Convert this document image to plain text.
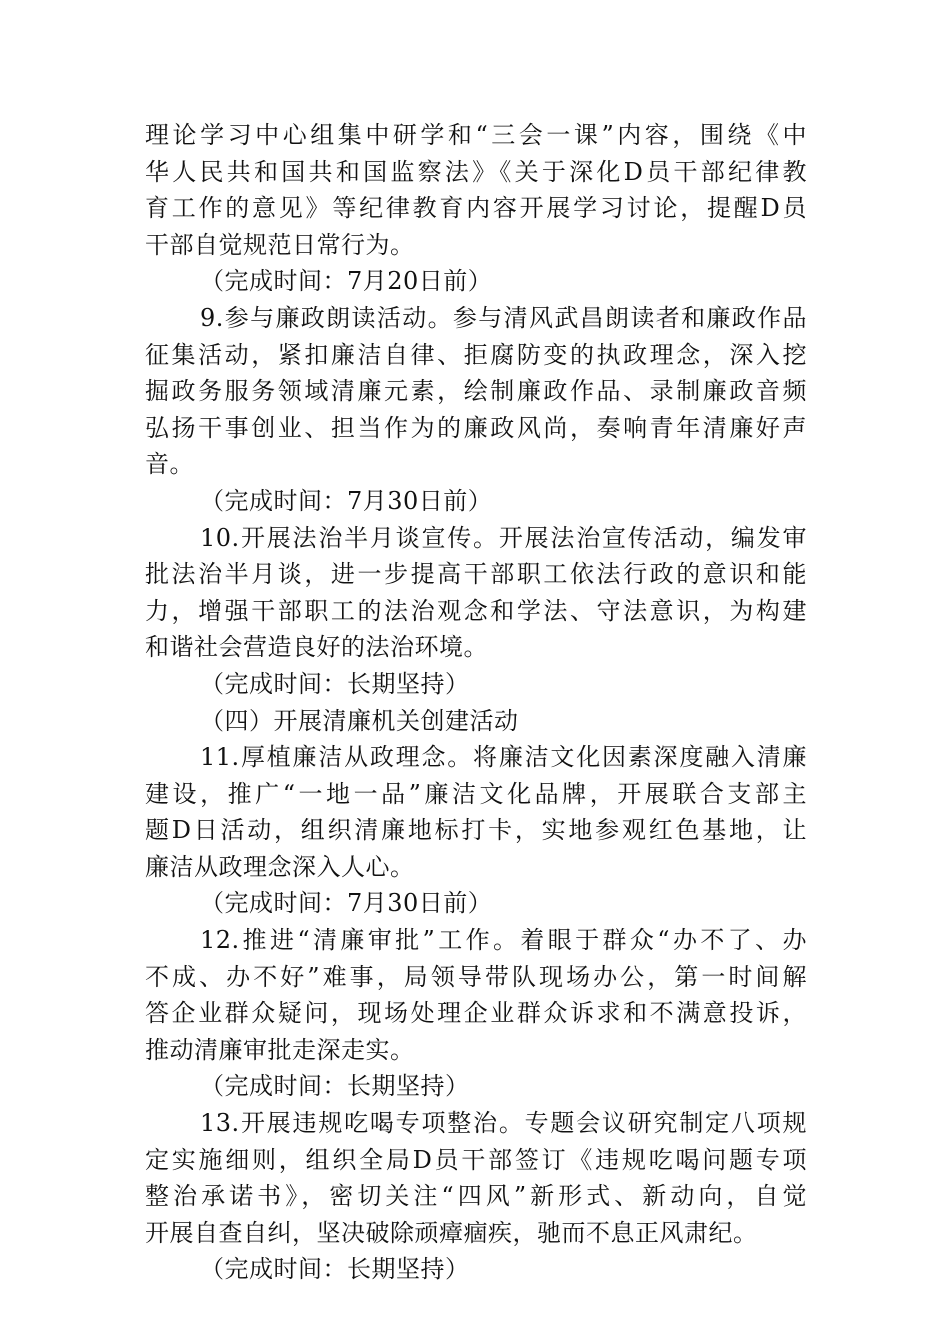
理论学习中心组集中研学和“三会一课”内容，围绕《中
华人民共和国共和国监察法》《关于深化D员干部纪律教
育工作的意见》等纪律教育内容开展学习讨论，提醒D员
干部自觉规范日常行为。
（完成时间：7月20日前）
9.参与廉政朗读活动。参与清风武昌朗读者和廉政作品
征集活动，紧扣廉洁自律、拒腐防变的执政理念，深入挖
掘政务服务领域清廉元素，绘制廉政作品、录制廉政音频
弘扬干事创业、担当作为的廉政风尚，奏响青年清廉好声
音。
（完成时间：7月30日前）
10.开展法治半月谈宣传。开展法治宣传活动，编发审
批法治半月谈，进一步提高干部职工依法行政的意识和能
力，增强干部职工的法治观念和学法、守法意识，为构建
和谐社会营造良好的法治环境。
（完成时间：长期坚持）
（四）开展清廉机关创建活动
11.厚植廉洁从政理念。将廉洁文化因素深度融入清廉
建设，推广“一地一品”廉洁文化品牌，开展联合支部主
题D日活动，组织清廉地标打卡，实地参观红色基地，让
廉洁从政理念深入人心。
（完成时间：7月30日前）
12.推进“清廉审批”工作。着眼于群众“办不了、办
不成、办不好”难事，局领导带队现场办公，第一时间解
答企业群众疑问，现场处理企业群众诉求和不满意投诉，
推动清廉审批走深走实。
（完成时间：长期坚持）
13.开展违规吃喝专项整治。专题会议研究制定八项规
定实施细则，组织全局D员干部签订《违规吃喝问题专项
整治承诺书》，密切关注“四风”新形式、新动向，自觉
开展自查自纠，坚决破除顽瘴痼疾，驰而不息正风肃纪。
（完成时间：长期坚持）
